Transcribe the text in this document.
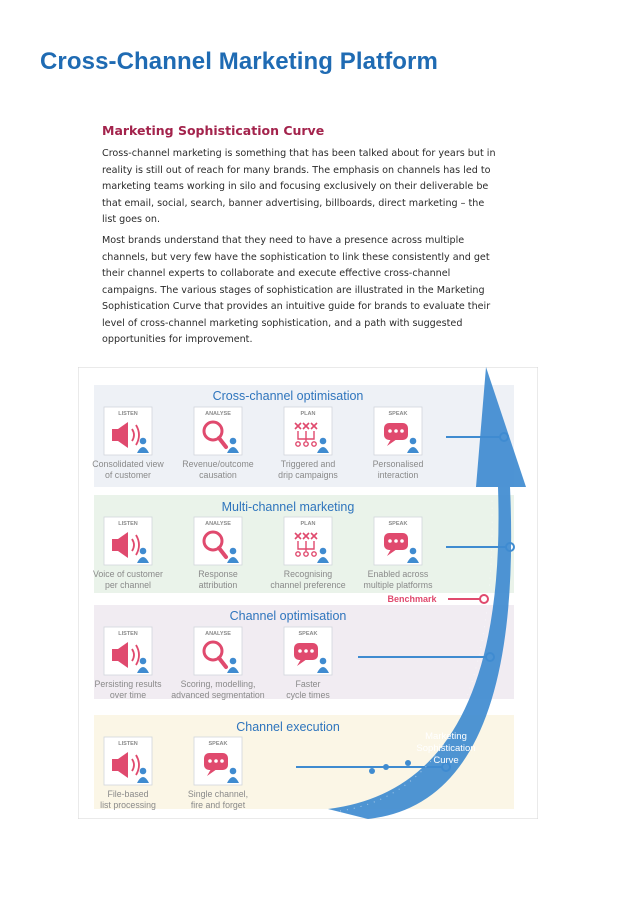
Cross-Channel Marketing Platform
Marketing Sophistication Curve

Cross-channel marketing is something that has been talked about for years but in reality is still out of reach for many brands. The emphasis on channels has led to marketing teams working in silo and focusing exclusively on their deliverable be that email, social, search, banner advertising, billboards, direct marketing – the list goes on.

Most brands understand that they need to have a presence across multiple channels, but very few have the sophistication to link these consistently and get their channel experts to collaborate and execute effective cross-channel campaigns. The various stages of sophistication are illustrated in the Marketing Sophistication Curve that provides an intuitive guide for brands to evaluate their level of cross-channel marketing sophistication, and a path with suggested opportunities for improvement.

Cross-channel optimisation
LISTEN
Consolidated view
of customer
ANALYSE
Revenue/outcome
causation
PLAN
Triggered and
drip campaigns
SPEAK
Personalised
interaction
Multi-channel marketing
LISTEN
Voice of customer
per channel
ANALYSE
Response
attribution
PLAN
Recognising
channel preference
SPEAK
Enabled across
multiple platforms
Channel optimisation
LISTEN
Persisting results
over time
ANALYSE
Scoring, modelling,
advanced segmentation
SPEAK
Faster
cycle times
Channel execution
LISTEN
File-based
list processing
SPEAK
Single channel,
fire and forget
Marketing
Sophistication
Curve
Benchmark
